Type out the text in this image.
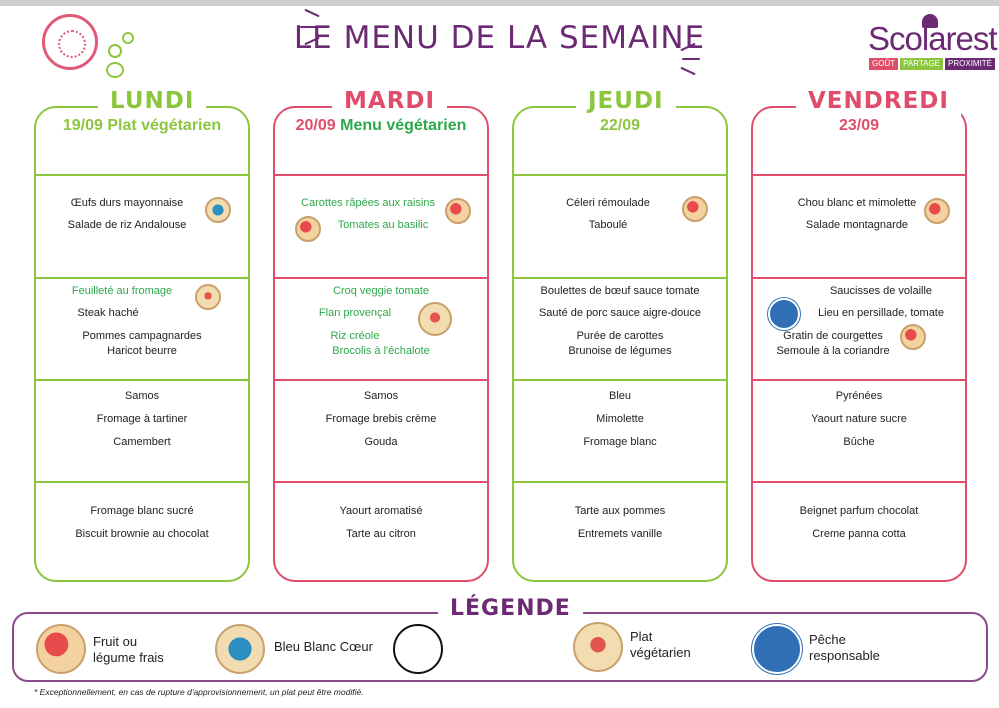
LE MENU DE LA SEMAINE	Scolarest
GOÛT	PARTAGE	PROXIMITÉ
LUNDI
19/09 Plat végétarien
Œufs durs mayonnaise
Salade de riz Andalouse
Feuilleté au fromage
Steak haché
Pommes campagnardes
Haricot beurre
Samos
Fromage à tartiner
Camembert
Fromage blanc sucré
Biscuit brownie au chocolat
MARDI
20/09 Menu végétarien
Carottes râpées aux raisins
Tomates au basilic
Croq veggie tomate
Flan provençal
Riz créole
Brocolis à l'échalote
Samos
Fromage brebis crème
Gouda
Yaourt aromatisé
Tarte au citron
JEUDI
22/09
Céleri rémoulade
Taboulé
Boulettes de bœuf sauce tomate
Sauté de porc sauce aigre-douce
Purée de carottes
Brunoise de légumes
Bleu
Mimolette
Fromage blanc
Tarte aux pommes
Entremets vanille
VENDREDI
23/09
Chou blanc et mimolette
Salade montagnarde
Saucisses de volaille
Lieu en persillade, tomate
Gratin de courgettes
Semoule à la coriandre
Pyrénées
Yaourt nature sucre
Bûche
Beignet parfum chocolat
Creme panna cotta
LÉGENDE
Fruit ou
légume frais
Bleu Blanc Cœur
Plat
végétarien
Pêche
responsable
* Exceptionnellement, en cas de rupture d'approvisionnement, un plat peut être modifié.
